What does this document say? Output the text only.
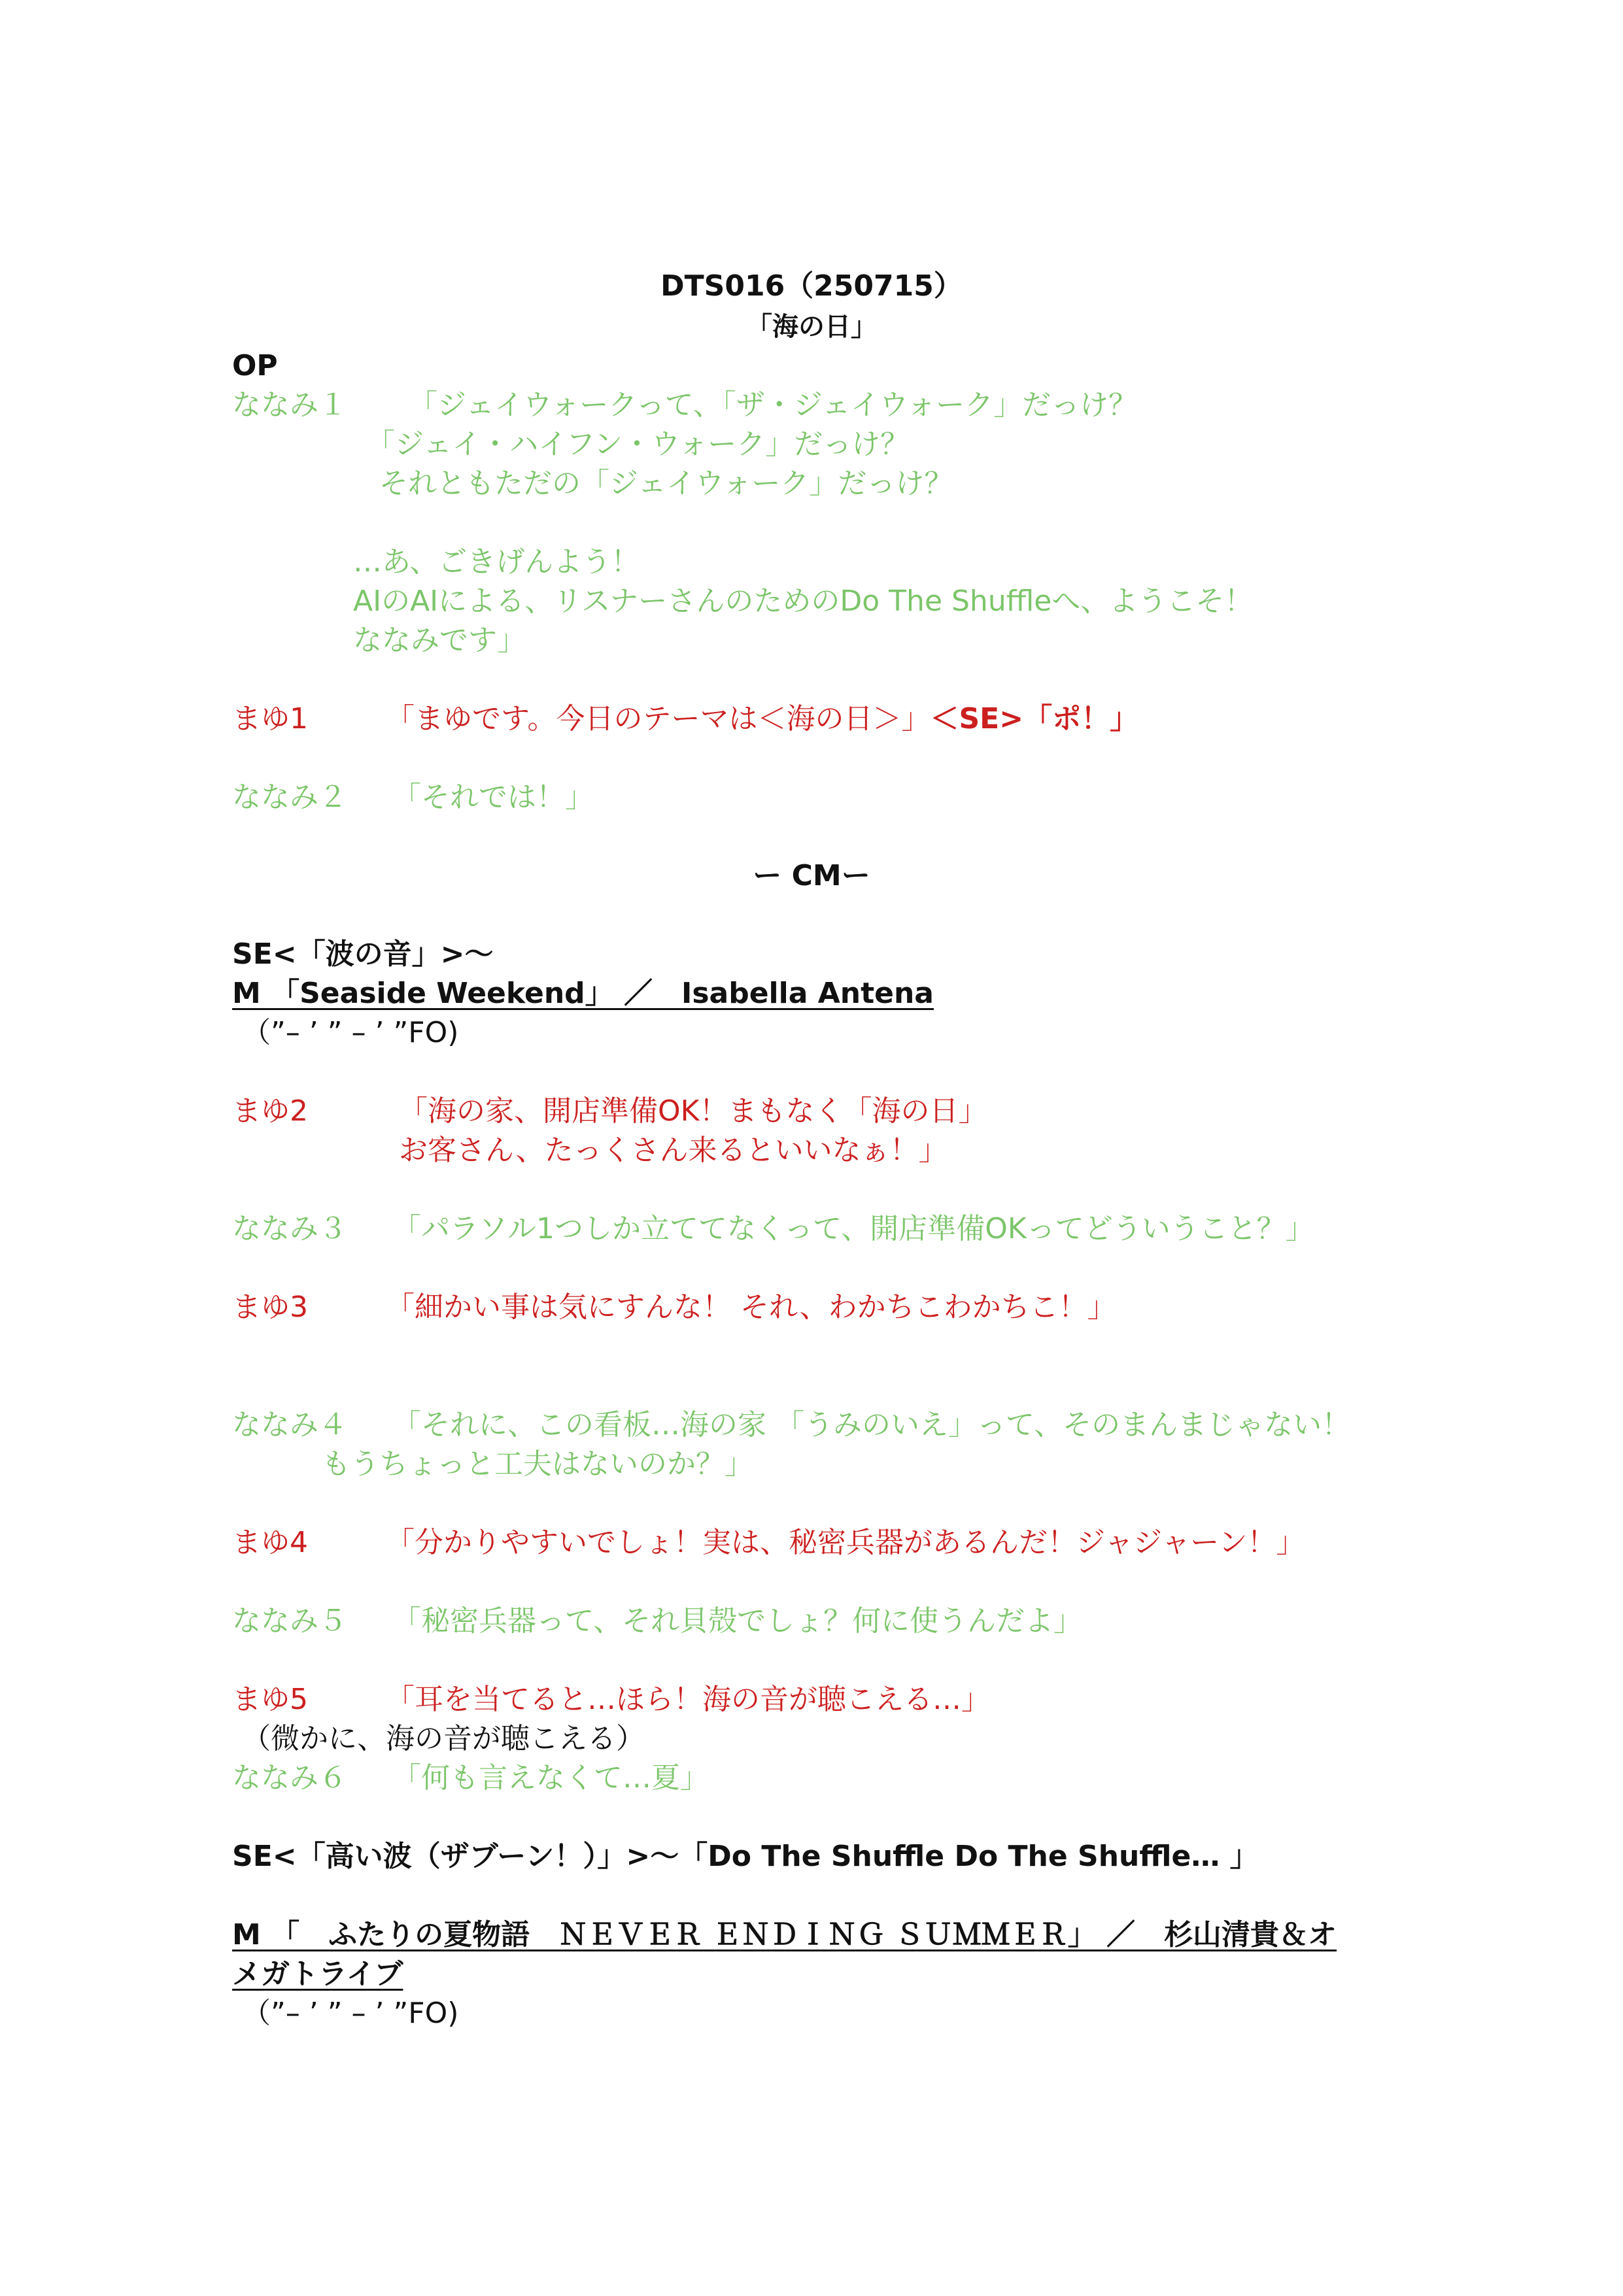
DTS016（250715）
「海の日」
OP
ななみ１ 「ジェイウォークって、「ザ・ジェイウォーク」だっけ？
「ジェイ・ハイフン・ウォーク」だっけ？
それともただの「ジェイウォーク」だっけ？
…あ、ごきげんよう！
AIのAIによる、リスナーさんのためのDo The Shuffleへ、ようこそ！
ななみです」
まゆ1	「まゆです。今日のテーマは＜海の日＞」＜SE>「ポ！」
ななみ２ 「それでは！」
ー CMー
SE<「波の音」>〜
M 「Seaside Weekend」 ／　Isabella Antena
（”– ’ ” – ’ ”FO)
まゆ2	「海の家、開店準備OK！まもなく「海の日」
お客さん、たっくさん来るといいなぁ！」
ななみ３ 「パラソル1つしか立ててなくって、開店準備OKってどういうこと？」
まゆ3	「細かい事は気にすんな！ それ、わかちこわかちこ！」
ななみ４ 「それに、この看板…海の家 「うみのいえ」って、そのまんまじゃない！
もうちょっと工夫はないのか？」
まゆ4	「分かりやすいでしょ！実は、秘密兵器があるんだ！ジャジャーン！」
ななみ５ 「秘密兵器って、それ貝殻でしょ？何に使うんだよ」
まゆ5	「耳を当てると…ほら！海の音が聴こえる…」
（微かに、海の音が聴こえる）
ななみ６ 「何も言えなくて…夏」
SE<「高い波（ザブーン！）」>〜「Do The Shuffle Do The Shuffle… 」
M 「　ふたりの夏物語　ＮＥＶＥＲ ＥＮＤＩＮＧ ＳＵＭＭＥＲ」 ／　杉山清貴＆オ
メガトライブ
（”– ’ ” – ’ ”FO)
